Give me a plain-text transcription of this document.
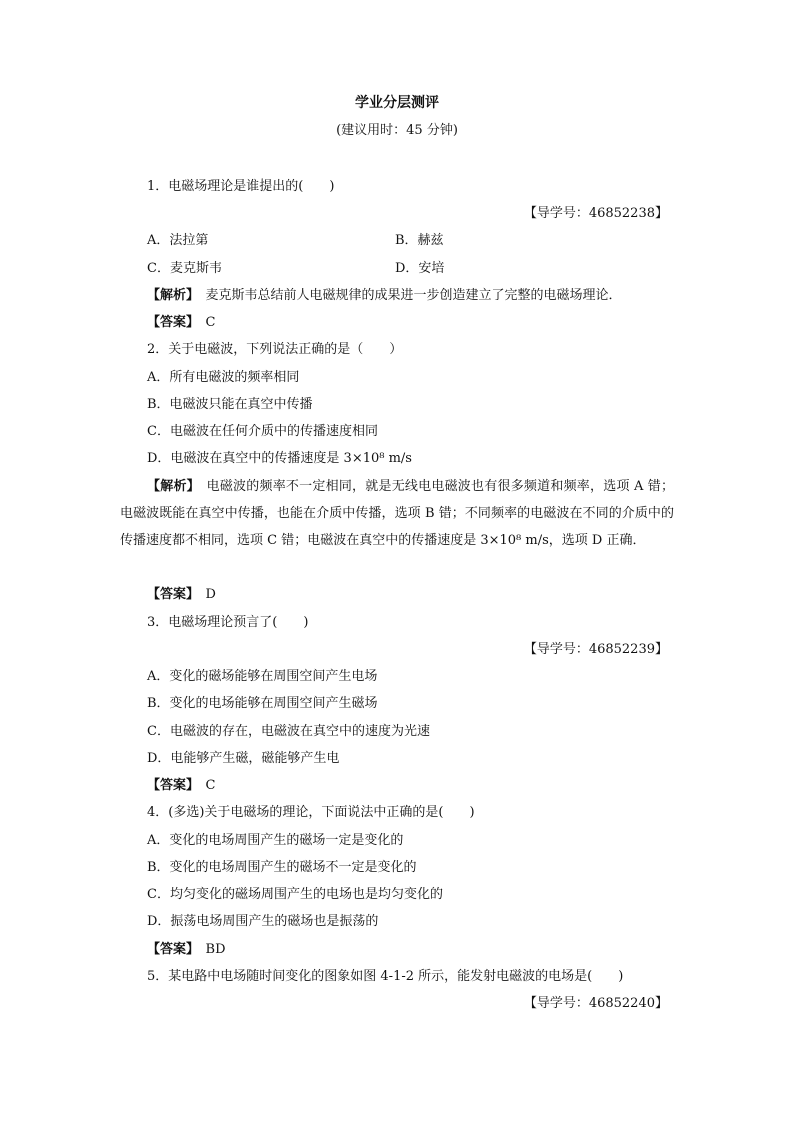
学业分层测评
(建议用时：45 分钟)
1．电磁场理论是谁提出的(　　)
【导学号：46852238】
A．法拉第	B．赫兹
C．麦克斯韦	D．安培
【解析】　麦克斯韦总结前人电磁规律的成果进一步创造建立了完整的电磁场理论．
【答案】　C
2．关于电磁波，下列说法正确的是（　　）
A．所有电磁波的频率相同
B．电磁波只能在真空中传播
C．电磁波在任何介质中的传播速度相同
D．电磁波在真空中的传播速度是 3×10⁸ m/s
【解析】　电磁波的频率不一定相同，就是无线电电磁波也有很多频道和频率，选项 A 错；电磁波既能在真空中传播，也能在介质中传播，选项 B 错；不同频率的电磁波在不同的介质中的传播速度都不相同，选项 C 错；电磁波在真空中的传播速度是 3×10⁸ m/s，选项 D 正确．
【答案】　D
3．电磁场理论预言了(　　)
【导学号：46852239】
A．变化的磁场能够在周围空间产生电场
B．变化的电场能够在周围空间产生磁场
C．电磁波的存在，电磁波在真空中的速度为光速
D．电能够产生磁，磁能够产生电
【答案】　C
4．(多选)关于电磁场的理论，下面说法中正确的是(　　)
A．变化的电场周围产生的磁场一定是变化的
B．变化的电场周围产生的磁场不一定是变化的
C．均匀变化的磁场周围产生的电场也是均匀变化的
D．振荡电场周围产生的磁场也是振荡的
【答案】　BD
5．某电路中电场随时间变化的图象如图 4-1-2 所示，能发射电磁波的电场是(　　)
【导学号：46852240】
